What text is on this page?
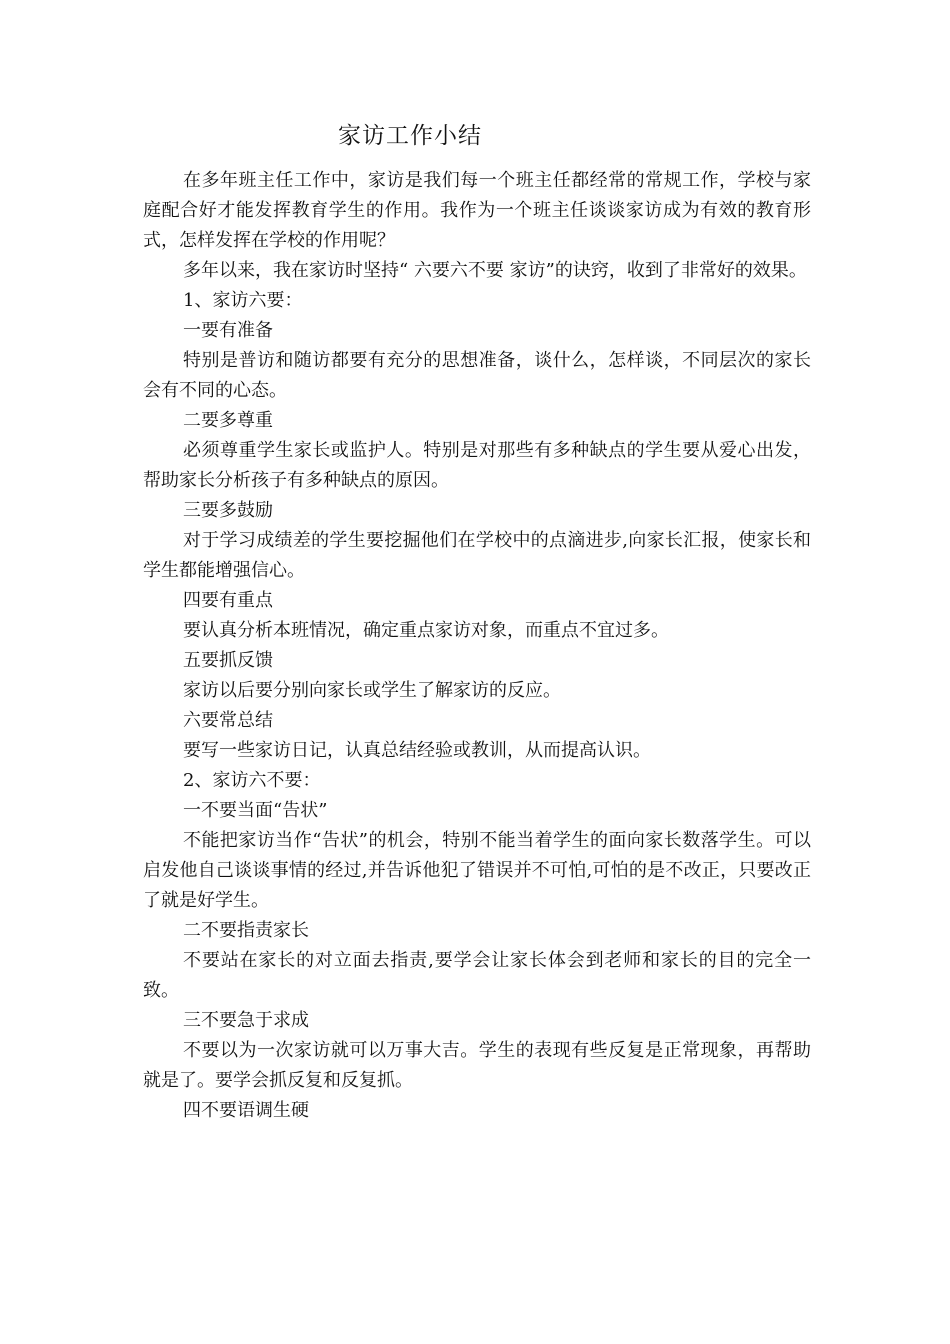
家访工作小结

在多年班主任工作中，家访是我们每一个班主任都经常的常规工作，学校与家庭配合好才能发挥教育学生的作用。我作为一个班主任谈谈家访成为有效的教育形式，怎样发挥在学校的作用呢？

多年以来，我在家访时坚持“ 六要六不要 家访”的诀窍，收到了非常好的效果。

1、家访六要：

一要有准备

特别是普访和随访都要有充分的思想准备，谈什么，怎样谈，不同层次的家长会有不同的心态。

二要多尊重

必须尊重学生家长或监护人。特别是对那些有多种缺点的学生要从爱心出发，帮助家长分析孩子有多种缺点的原因。

三要多鼓励

对于学习成绩差的学生要挖掘他们在学校中的点滴进步,向家长汇报，使家长和学生都能增强信心。

四要有重点

要认真分析本班情况，确定重点家访对象，而重点不宜过多。

五要抓反馈

家访以后要分别向家长或学生了解家访的反应。

六要常总结

要写一些家访日记，认真总结经验或教训，从而提高认识。

2、家访六不要：

一不要当面“告状”

不能把家访当作“告状”的机会，特别不能当着学生的面向家长数落学生。可以启发他自己谈谈事情的经过,并告诉他犯了错误并不可怕,可怕的是不改正，只要改正了就是好学生。

二不要指责家长

不要站在家长的对立面去指责,要学会让家长体会到老师和家长的目的完全一致。

三不要急于求成

不要以为一次家访就可以万事大吉。学生的表现有些反复是正常现象，再帮助就是了。要学会抓反复和反复抓。

四不要语调生硬
